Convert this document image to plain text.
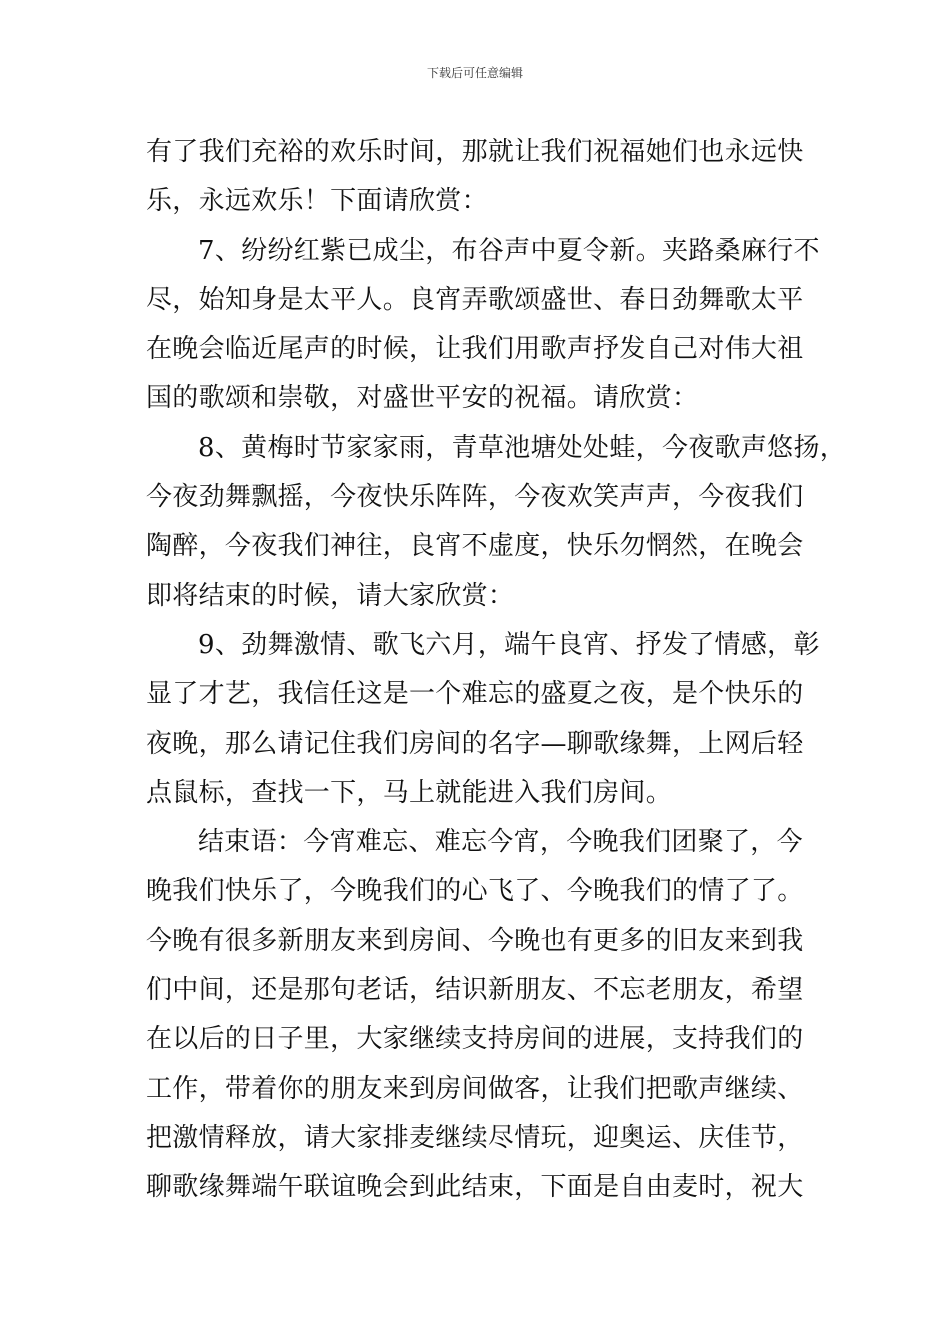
下载后可任意编辑
有了我们充裕的欢乐时间，那就让我们祝福她们也永远快
乐，永远欢乐！下面请欣赏：
7、纷纷红紫已成尘，布谷声中夏令新。夹路桑麻行不
尽，始知身是太平人。良宵弄歌颂盛世、春日劲舞歌太平
在晚会临近尾声的时候，让我们用歌声抒发自己对伟大祖
国的歌颂和崇敬，对盛世平安的祝福。请欣赏：
8、黄梅时节家家雨，青草池塘处处蛙，今夜歌声悠扬，
今夜劲舞飘摇，今夜快乐阵阵，今夜欢笑声声，今夜我们
陶醉，今夜我们神往，良宵不虚度，快乐勿惘然，在晚会
即将结束的时候，请大家欣赏：
9、劲舞激情、歌飞六月，端午良宵、抒发了情感，彰
显了才艺，我信任这是一个难忘的盛夏之夜，是个快乐的
夜晚，那么请记住我们房间的名字—聊歌缘舞，上网后轻
点鼠标，查找一下，马上就能进入我们房间。
结束语：今宵难忘、难忘今宵，今晚我们团聚了，今
晚我们快乐了，今晚我们的心飞了、今晚我们的情了了。
今晚有很多新朋友来到房间、今晚也有更多的旧友来到我
们中间，还是那句老话，结识新朋友、不忘老朋友，希望
在以后的日子里，大家继续支持房间的进展，支持我们的
工作，带着你的朋友来到房间做客，让我们把歌声继续、
把激情释放，请大家排麦继续尽情玩，迎奥运、庆佳节，
聊歌缘舞端午联谊晚会到此结束，下面是自由麦时，祝大
